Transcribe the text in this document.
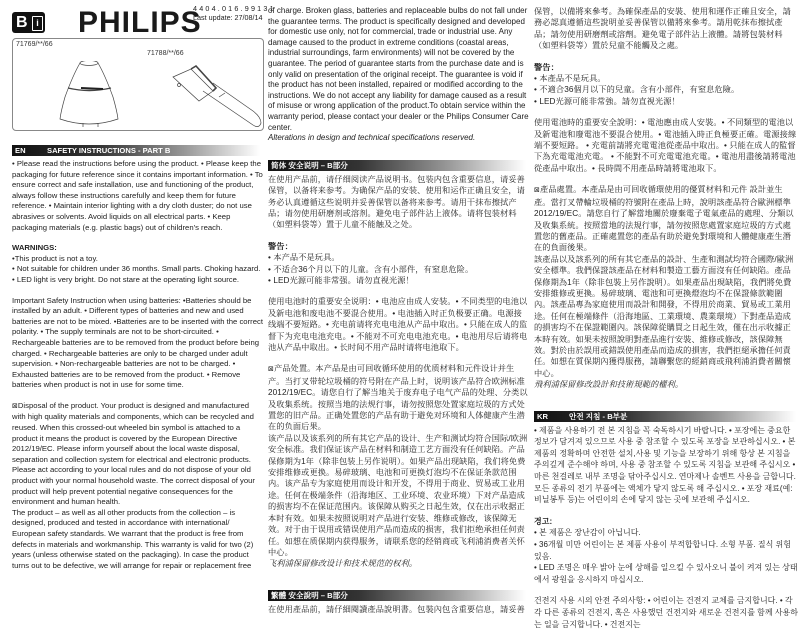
B i PHILIPS
4404.016.99131
Last update: 27/08/14
71769/**/66
71788/**/66
EN	SAFETY INSTRUCTIONS - PART B

• Please read the instructions before using the product. • Please keep the packaging for future reference since it contains important information. • To ensure correct and safe installation, use and functioning of the product, always follow these instructions carefully and keep them for future reference. • Maintain interior lighting with a dry cloth duster; do not use abrasives or solvents. Avoid liquids on all electrical parts. • Keep packaging materials (e.g. plastic bags) out of children's reach.

WARNINGS:

•This product is not a toy.

• Not suitable for children under 36 months. Small parts. Choking hazard.

• LED light is very bright. Do not stare at the operating light source.

Important Safety Instruction when using batteries: •Batteries should be installed by an adult. • Different types of batteries and new and used batteries are not to be mixed. •Batteries are to be inserted with the correct polarity. • The supply terminals are not to be short-circuited. • Rechargeable batteries are to be removed from the product before being charged. • Rechargeable batteries are only to be charged under adult supervision. • Non-rechargeable batteries are not to be charged. • Exhausted batteries are to be removed from the product. • Remove batteries when product is not in use for some time.

⊠Disposal of the product. Your product is designed and manufactured with high quality materials and components, which can be recycled and reused. When this crossed-out wheeled bin symbol is attached to a product it means the product is covered by the European Directive 2012/19/EC. Please inform yourself about the local waste disposal, separation and collection system for electrical and electronic products. Please act according to your local rules and do not dispose of your old product with your normal household waste. The correct disposal of your product will help prevent potential negative consequences for the environment and human health.

The product – as well as all other products from the collection – is designed, produced and tested in accordance with international/ European safety standards. We warrant that the product is free from defects in materials and workmanship. This warranty is valid for two (2) years (unless otherwise stated on the packaging). In case the product turns out to be defective, we will arrange for repair or replacement free

of charge. Broken glass, batteries and replaceable bulbs do not fall under the guarantee terms. The product is specifically designed and developed for domestic use only, not for commercial, trade or industrial use. Any damage caused to the product in extreme conditions (coastal areas, industrial surroundings, farm environments) will not be covered by the guarantee. The period of guarantee starts from the purchase date and is only valid on presentation of the original receipt. The guarantee is void if the product has not been installed, repaired or modified according to the instructions. We do not accept any liability for damage caused as a result of misuse or wrong application of the product.To obtain service within the warranty period, please contact your dealer or the Philips Consumer Care center.

Alterations in design and technical specifications reserved.

简体 安全说明 – B部分

在使用产品前，请仔细阅读产品说明书。包装内包含重要信息，请妥善保管，以备将来参考。为确保产品的安装、使用和运作正确且安全，请务必认真遵循这些说明并妥善保管以备将来参考。请用干抹布擦拭产品；请勿使用研磨剂或溶剂。避免电子部件沾上液体。请将包装材料（如塑料袋等）置于儿童不能触及之处。

警告：

• 本产品不是玩具。

• 不适合36个月以下的儿童。含有小部件，有窒息危险。

• LED光源可能非常强。请勿直视光源！

使用电池时的重要安全说明：• 电池应由成人安装。• 不同类型的电池以及新电池和废电池不要混合使用。• 电池插入时正负极要正确。电源接线端不要短路。• 充电前请将充电电池从产品中取出。• 只能在成人的监督下为充电电池充电。• 不能对不可充电电池充电。• 电池用尽后请将电池从产品中取出。• 长时间不用产品时请将电池取下。

⊠产品处置。本产品是由可回收循环使用的优质材料和元件设计并生产。当打叉带轮垃圾桶的符号附在产品上时，说明该产品符合欧洲标准2012/19/EC。请您自行了解当地关于废弃电子电气产品的处理、分类以及收集系统。按照当地的法规行事，请勿按照您处置家庭垃圾的方式处置您的旧产品。正确处置您的产品有助于避免对环境和人体健康产生潜在的负面后果。

该产品以及该系列的所有其它产品的设计、生产和测试均符合国际/欧洲安全标准。我们保证该产品在材料和制造工艺方面没有任何缺陷。产品保修期为1年（除非包装上另作说明）。如果产品出现缺陷，我们将免费安排维修或更换。易碎玻璃、电池和可更换灯泡均不在保证条款范围内。该产品专为家庭使用而设计和开发，不得用于商业、贸易或工业用途。任何在极端条件（沿海地区、工业环境、农业环境）下对产品造成的损害均不在保证范围内。该保障从购买之日起生效，仅在出示收据正本时有效。如果未按照说明对产品进行安装、维修或修改，该保障无效。对于由于误用或错误使用产品而造成的损害，我们拒绝承担任何责任。如想在质保期内获得服务，请联系您的经销商或飞利浦消费者关怀中心。

飞利浦保留修改设计和技术规范的权利。

繁體 安全說明 – B部分

在使用產品前，請仔細閱讀產品說明書。包裝內包含重要信息，請妥善

保管，以備將來參考。為確保產品的安裝、使用和運作正確且安全，請務必認真遵循這些說明並妥善保管以備將來參考。請用乾抹布擦拭產品；請勿使用研磨劑或溶劑。避免電子部件沾上液體。請將包裝材料（如塑料袋等）置於兒童不能觸及之處。

警告：

• 本產品不是玩具。

• 不適合36個月以下的兒童。含有小部件，有窒息危險。

• LED光源可能非常強。請勿直視光源！

使用電池時的重要安全說明：• 電池應由成人安裝。• 不同類型的電池以及新電池和廢電池不要混合使用。• 電池插入時正負極要正確。電源接線端不要短路。 • 充電前請將充電電池從產品中取出。• 只能在成人的監督下為充電電池充電。 • 不能對不可充電電池充電。• 電池用盡後請將電池從產品中取出。• 長時間不用產品時請將電池取下。

⊠產品處置。本產品是由可回收循環使用的優質材料和元件 設計並生產。當打叉帶輪垃圾桶的符號附在產品上時，說明該產品符合歐洲標準2012/19/EC。請您自行了解當地關於廢棄電子電氣產品的處理、分類以及收集系統。按照當地的法規行事，請勿按照您處置家庭垃圾的方式處置您的舊產品。正確處置您的產品有助於避免對環境和人體健康產生潛在的負面後果。

該產品以及該系列的所有其它產品的設計、生產和測試均符合國際/歐洲安全標準。我們保證該產品在材料和製造工藝方面沒有任何缺陷。產品保修期為1年（除非包裝上另作說明）。如果產品出現缺陷，我們將免費安排維修或更換。易碎玻璃、電池和可更換燈泡均不在保證條款範圍內。該產品專為家庭使用而設計和開發，不得用於商業、貿易或工業用途。任何在極端條件（沿海地區、工業環境、農業環境）下對產品造成的損害均不在保證範圍內。該保障從購買之日起生效，僅在出示收據正本時有效。如果未按照說明對產品進行安裝、維修或修改，該保障無效。對於由於誤用或錯誤使用產品而造成的損害，我們拒絕承擔任何責任。如想在質保期內獲得服務，請聯繫您的經銷商或飛利浦消費者關懷中心。

飛利浦保留修改設計和技術規範的權利。

KR	안전 지침 - B부분

• 제품을 사용하기 전 본 지침을 꼭 숙독하시기 바랍니다. • 포장에는 중요한 정보가 담겨져 있으므로 사용 중 참조할 수 있도록 포장을 보관하십시오. • 본 제품의 정확하며 안전한 설치,사용 및 기능을 보장하기 위해 항상 본 지침을 주의깊게 준수해야 하며, 사용 중 참조할 수 있도록 지침을 보관해 주십시오 • 마른 천걸레로 내부 조명을 닦아주십시오. 연마제나 솔벤트 사용을 금합니다.모든 종류의 전기 부품에는 액체가 닿지 않도록 해 주십시오. • 포장 재료(예: 비닐봉투 등)는 어린이의 손에 닿지 않는 곳에 보관해 주십시오.

경고:

• 본 제품은 장난감이 아닙니다.

• 36개월 미만 어린이는 본 제품 사용이 부적합합니다. 소형 부품. 질식 위험 있음.

• LED 조명은 매우 밝아 눈에 상해를 일으킬 수 있사오니 불이 켜져 있는 상태에서 광원을 응시하지 마십시오.

건전지 사용 시의 안전 주의사항: • 어린이는 건전지 교체를 금지합니다. • 각각 다른 종류의 건전지, 혹은 사용했던 건전지와 새로운 건전지를 함께 사용하는 일을 금지합니다. • 건전지는
